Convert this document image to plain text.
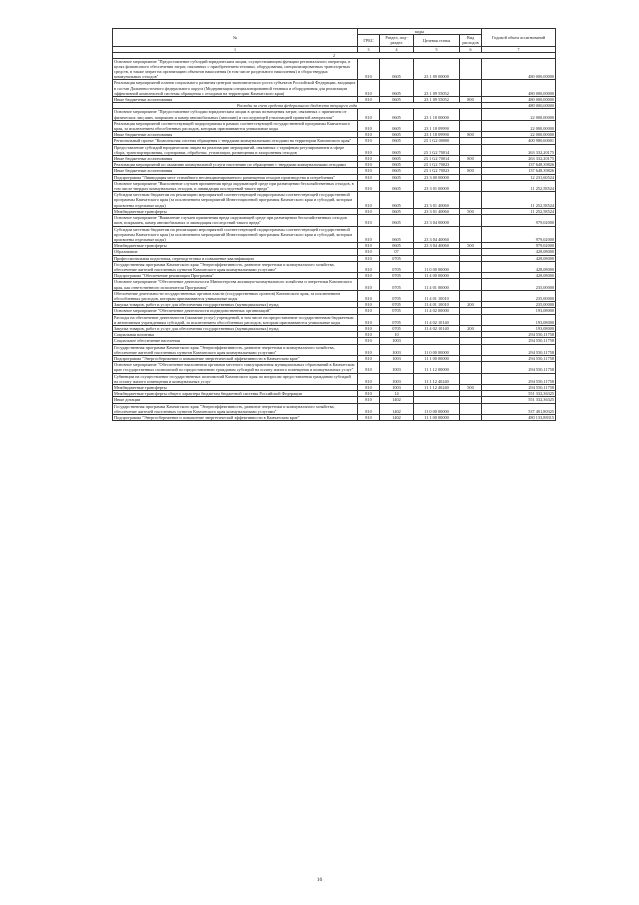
№	коды				Годовой объем ассигнований
	ГРБС	Раздел, под-раздел	Целевая статья	Вид расходов	
1	3	4	5	6	7
2					
Основное мероприятие "Предоставление субсидий юридическим лицам, осуществляющим функции регионального оператора, в целях финансового обеспечения затрат, связанных с приобретением техники, оборудования, специализированных транспортных средств, в также затрат на организацию объектов накопления (в том числе раздельного накопления) и сбора твердых коммунальных отходов"	810	0605	23 1 09 00000		480 000,00000
Реализация мероприятий планов социального развития центров экономического роста субъектов Российской Федерации, входящих в состав Дальневосточного федерального округа (Модернизация специализированной техники и оборудования для реализации эффективной комплексной системы обращения с отходами на территории Камчатского края)	810	0605	23 1 09 55052		480 000,00000
Иные бюджетные ассигнования	810	0605	23 1 09 55052	800	480 000,00000
Расходы за счет средств федерального бюджета текущего года					480 000,00000
Основное мероприятие "Предоставление субсидии юридическим лицам в целях возмещения затрат, связанных с принятием от физических лиц шин, покрышек и камер автомобильных (автошин) и последующей утилизацией принятой автореалии"	810	0605	23 1 18 00000		22 000,00000
Реализация мероприятий соответствующей подпрограммы в рамках соответствующей государственной программы Камчатского края, за исключением обособленных расходов, которым присваиваются уникальные коды	810	0605	23 1 18 09990		22 000,00000
Иные бюджетные ассигнования	810	0605	23 1 18 09990	800	22 000,00000
Региональный проект "Комплексная система обращения с твердыми коммунальными отходами на территории Камчатского края"	810	0605	23 1 G2 00000		400 980,60001
Предоставление субсидий юридическим лицам на реализацию мероприятий, связанных с тарифным регулированием в сфере сбора, транспортирования, сортировки, обработки, утилизации, размещения и захоронения отходов	810	0605	23 1 G2 70014		263 332,20175
Иные бюджетные ассигнования	810	0605	23 1 G2 70014	800	263 332,20175
Реализация мероприятий по оказанию коммунальной услуги населению по обращению с твердыми коммунальными отходами	810	0605	23 1 G2 70023		137 648,39826
Иные бюджетные ассигнования	810	0605	23 1 G2 70023	800	137 648,39826
Подпрограмма "Ликвидация мест стихийного несанкционированного размещения отходов производства и потребления"	810	0605	23 3 00 00000		12 231,60524
Основное мероприятие "Выполнение случаев причинения вреда окружающей среде при размещении бесхозяйственных отходов, в том числе твердых коммунальных отходов, и ликвидация последствий такого вреда"	810	0605	23 3 01 00000		11 252,58524
Субсидии местным бюджетам на реализацию мероприятий соответствующей подпрограммы соответствующей государственной программы Камчатского края (за исключением мероприятий Инвестиционной программы Камчатского края и субсидий, которым присвоены отдельные коды)	810	0605	23 3 01 40060		11 252,58524
Межбюджетные трансферты	810	0605	23 3 01 40060	500	11 252,58524
Основное мероприятие "Выявление случаев причинения вреда окружающей среде при размещении бесхозяйственных отходов шин, покрышек, камер автомобильных и ликвидация последствий такого вреда"	810	0605	23 3 04 00000		979,02000
Субсидии местным бюджетам на реализацию мероприятий соответствующей подпрограммы соответствующей государственной программы Камчатского края (за исключением мероприятий Инвестиционной программы Камчатского края и субсидий, которым присвоены отдельные коды)	810	0605	23 3 04 40060		979,02000
Межбюджетные трансферты	810	0605	23 3 04 40060	500	979,02000
Образование	810	07			428,08000
Профессиональная подготовка, переподготовка и повышение квалификации	810	0705			428,08000
Государственная программа Камчатского края "Энергоэффективность, развитие энергетики и коммунального хозяйства, обеспечение жителей населенных пунктов Камчатского края коммунальными услугами"	810	0705	11 0 00 00000		428,08000
Подпрограмма "Обеспечение реализации Программы"	810	0705	11 4 00 00000		428,08000
Основное мероприятие "Обеспечение деятельности Министерства жилищно-коммунального хозяйства и энергетики Камчатского края, как ответственного исполнителя Программы"	810	0705	11 4 01 00000		235,00000
Обеспечение деятельности государственных органов власти (государственных органов) Камчатского края, за исключением обособленных расходов, которым присваиваются уникальные коды	810	0705	11 4 01 10010		235,00000
Закупка товаров, работ и услуг для обеспечения государственных (муниципальных) нужд	810	0705	11 4 01 10010	200	235,00000
Основное мероприятие "Обеспечение деятельности подведомственных организаций"	810	0705	11 4 02 00000		193,08000
Расходы на обеспечение деятельности (оказание услуг) учреждений, в том числе на предоставление государственным бюджетным и автономным учреждениям субсидий, за исключением обособленных расходов, которым присваиваются уникальные коды	810	0705	11 4 02 10140		193,08000
Закупка товаров, работ и услуг для обеспечения государственных (муниципальных) нужд	810	0705	11 4 02 10140	200	193,08000
Социальная политика	810	10			294 550,11758
Социальное обеспечение населения	810	1003			294 550,11758
Государственная программа Камчатского края "Энергоэффективность, развитие энергетики и коммунального хозяйства, обеспечение жителей населенных пунктов Камчатского края коммунальными услугами"	810	1003	11 0 00 00000		294 550,11758
Подпрограмма "Энергосбережение и повышение энергетической эффективности в Камчатском крае"	810	1003	11 1 00 00000		294 550,11758
Основное мероприятие "Обеспечение выполнения органами местного самоуправления муниципальных образований в Камчатском крае государственных полномочий по предоставлению гражданам субсидий на оплату жилого помещения и коммунальных услуг"	810	1003	11 1 12 00000		294 550,11758
Субвенции на осуществление государственных полномочий Камчатского края по вопросам предоставления гражданам субсидий на оплату жилого помещения и коммунальных услуг	810	1003	11 1 12 40240		294 550,11758
Межбюджетные трансферты	810	1003	11 1 12 40240	500	294 550,11758
Межбюджетные трансферты общего характера бюджетам бюджетной системы Российской Федерации	810	14			551 332,36325
Иные дотации	810	1402			551 332,36325
Государственная программа Камчатского края "Энергоэффективность, развитие энергетики и коммунального хозяйства, обеспечение жителей населенных пунктов Камчатского края коммунальными услугами"	810	1402	11 0 00 00000		537 401,80325
Подпрограмма "Энергосбережение и повышение энергетической эффективности в Камчатском крае"	810	1402	11 1 00 00000		480 133,88315
16
